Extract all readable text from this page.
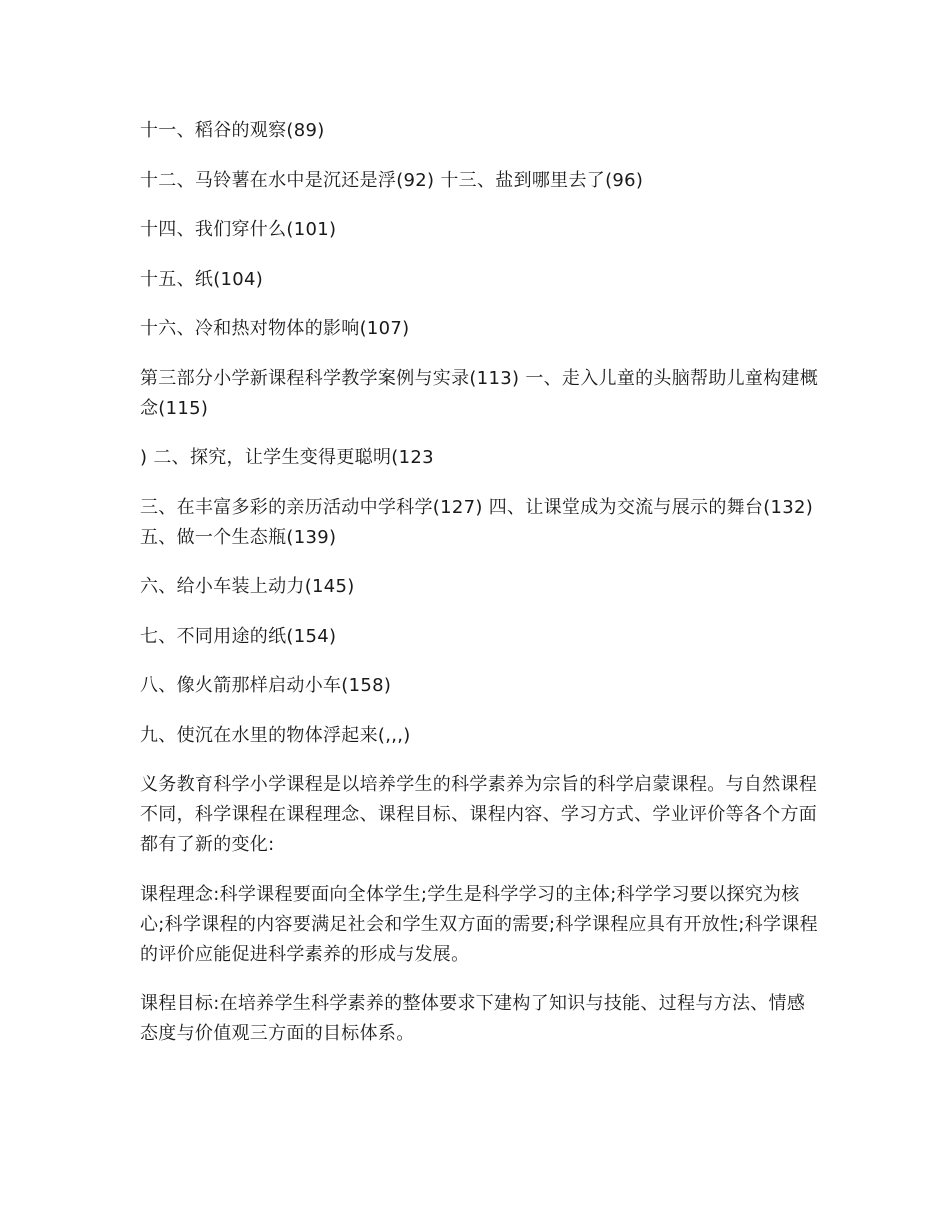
十一、稻谷的观察(89)

十二、马铃薯在水中是沉还是浮(92) 十三、盐到哪里去了(96)

十四、我们穿什么(101)

十五、纸(104)

十六、冷和热对物体的影响(107)

第三部分小学新课程科学教学案例与实录(113) 一、走入儿童的头脑帮助儿童构建概念(115)

) 二、探究，让学生变得更聪明(123

三、在丰富多彩的亲历活动中学科学(127) 四、让课堂成为交流与展示的舞台(132) 五、做一个生态瓶(139)

六、给小车装上动力(145)

七、不同用途的纸(154)

八、像火箭那样启动小车(158)

九、使沉在水里的物体浮起来(,,,)

义务教育科学小学课程是以培养学生的科学素养为宗旨的科学启蒙课程。与自然课程不同，科学课程在课程理念、课程目标、课程内容、学习方式、学业评价等各个方面都有了新的变化:

课程理念:科学课程要面向全体学生;学生是科学学习的主体;科学学习要以探究为核心;科学课程的内容要满足社会和学生双方面的需要;科学课程应具有开放性;科学课程的评价应能促进科学素养的形成与发展。

课程目标:在培养学生科学素养的整体要求下建构了知识与技能、过程与方法、情感态度与价值观三方面的目标体系。
